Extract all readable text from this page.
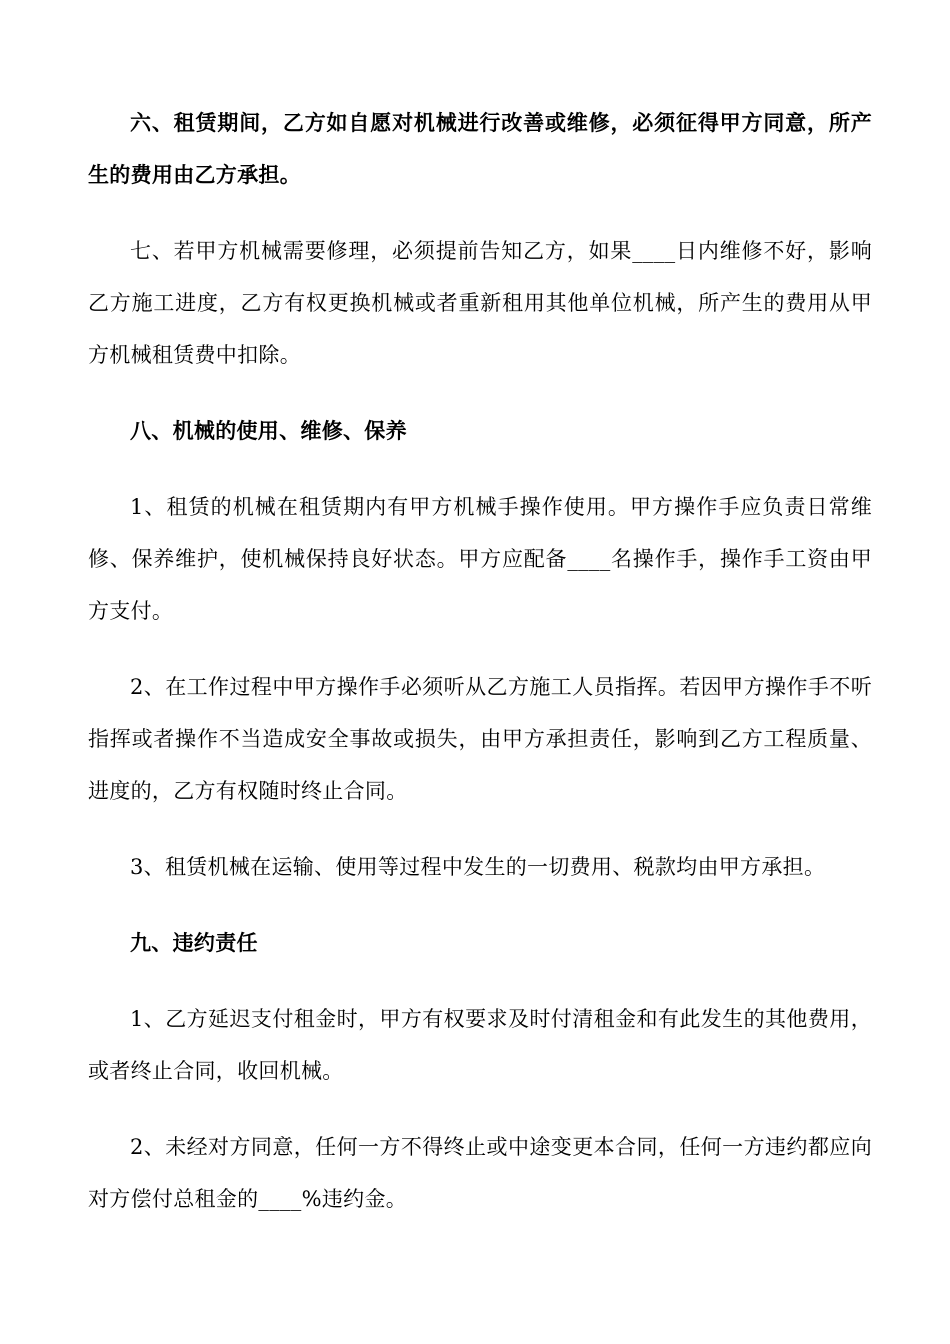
六、租赁期间，乙方如自愿对机械进行改善或维修，必须征得甲方同意，所产生的费用由乙方承担。

七、若甲方机械需要修理，必须提前告知乙方，如果____日内维修不好，影响乙方施工进度，乙方有权更换机械或者重新租用其他单位机械，所产生的费用从甲方机械租赁费中扣除。

八、机械的使用、维修、保养

1、租赁的机械在租赁期内有甲方机械手操作使用。甲方操作手应负责日常维修、保养维护，使机械保持良好状态。甲方应配备____名操作手，操作手工资由甲方支付。

2、在工作过程中甲方操作手必须听从乙方施工人员指挥。若因甲方操作手不听指挥或者操作不当造成安全事故或损失，由甲方承担责任，影响到乙方工程质量、进度的，乙方有权随时终止合同。

3、租赁机械在运输、使用等过程中发生的一切费用、税款均由甲方承担。

九、违约责任

1、乙方延迟支付租金时，甲方有权要求及时付清租金和有此发生的其他费用，或者终止合同，收回机械。

2、未经对方同意，任何一方不得终止或中途变更本合同，任何一方违约都应向对方偿付总租金的____%违约金。
